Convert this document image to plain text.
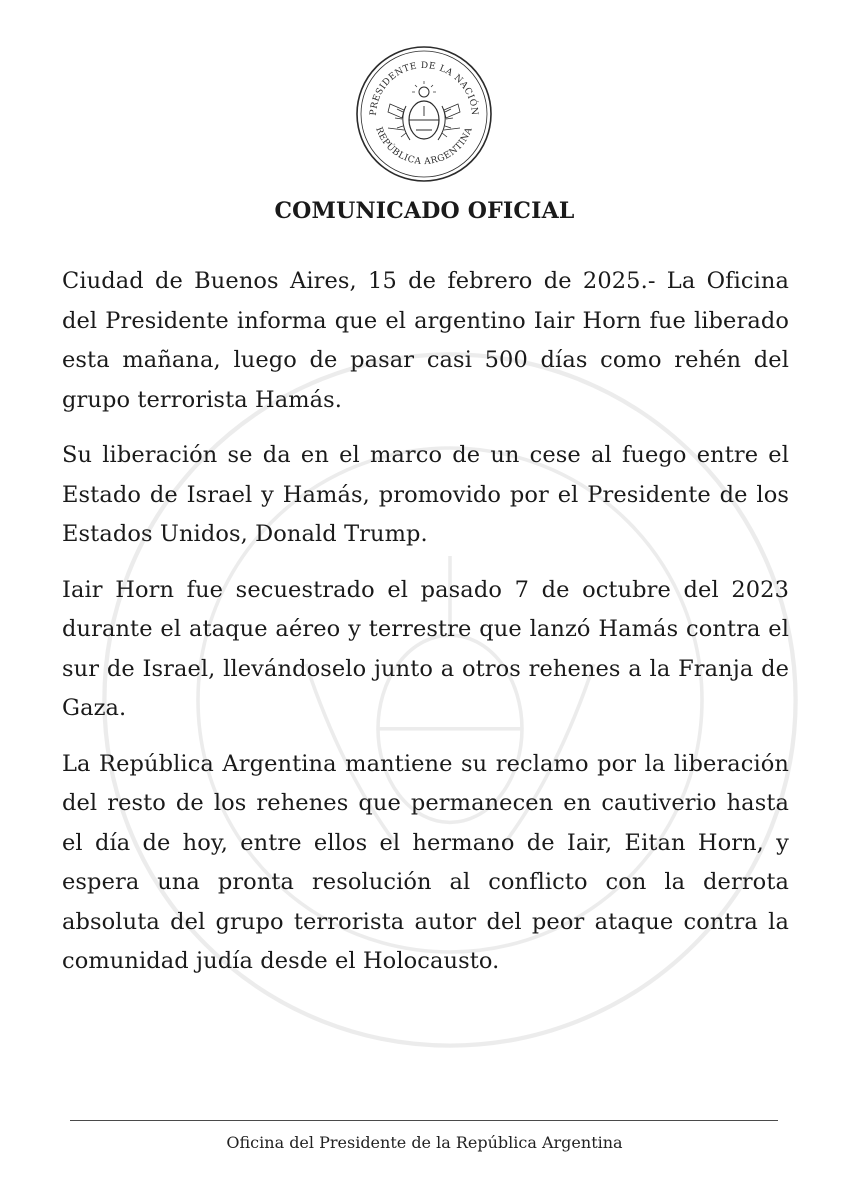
PRESIDENTE DE LA NACIÓN
REPÚBLICA ARGENTINA
COMUNICADO OFICIAL

Ciudad de Buenos Aires, 15 de febrero de 2025.- La Oficina del Presidente informa que el argentino Iair Horn fue liberado esta mañana, luego de pasar casi 500 días como rehén del grupo terrorista Hamás.

Su liberación se da en el marco de un cese al fuego entre el Estado de Israel y Hamás, promovido por el Presidente de los Estados Unidos, Donald Trump.

Iair Horn fue secuestrado el pasado 7 de octubre del 2023 durante el ataque aéreo y terrestre que lanzó Hamás contra el sur de Israel, llevándoselo junto a otros rehenes a la Franja de Gaza.

La República Argentina mantiene su reclamo por la liberación del resto de los rehenes que permanecen en cautiverio hasta el día de hoy, entre ellos el hermano de Iair, Eitan Horn, y espera una pronta resolución al conflicto con la derrota absoluta del grupo terrorista autor del peor ataque contra la comunidad judía desde el Holocausto.

Oficina del Presidente de la República Argentina
